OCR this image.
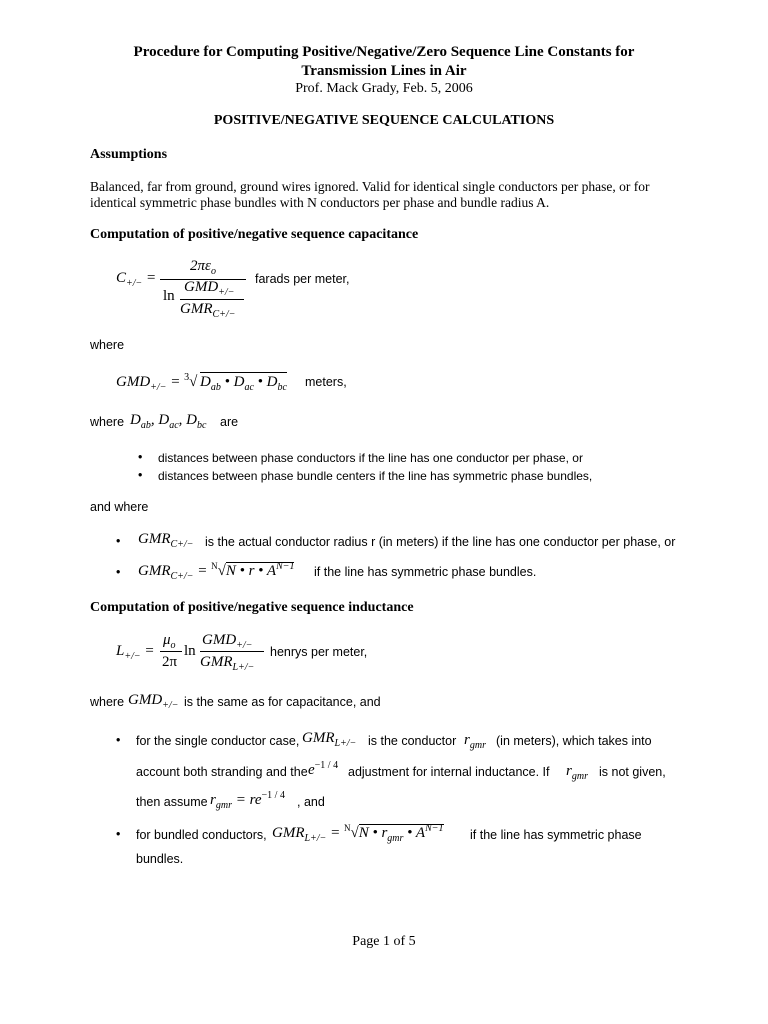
Procedure for Computing Positive/Negative/Zero Sequence Line Constants for
Transmission Lines in Air
Prof. Mack Grady, Feb. 5, 2006
POSITIVE/NEGATIVE SEQUENCE CALCULATIONS
Assumptions
Balanced, far from ground, ground wires ignored. Valid for identical single conductors per phase, or for
identical symmetric phase bundles with N conductors per phase and bundle radius A.
Computation of positive/negative sequence capacitance
$C_{+/-}$ =
$2\pi\varepsilon_o$
ln
$GMD_{+/-}$
$GMR_{C+/-}$
farads per meter,
where
$GMD_{+/-} = ^3√$ $D_{ab}$ • $D_{ac}$ • $D_{bc}$ meters,
where $D_{ab}$, $D_{ac}$, $D_{bc}$ are
• distances between phase conductors if the line has one conductor per phase, or
• distances between phase bundle centers if the line has symmetric phase bundles,
and where
• $GMR_{C+/-}$ is the actual conductor radius r (in meters) if the line has one conductor per phase, or
• $GMR_{C+/-} = ^N√N$ • r • $A^{N-1}$ if the line has symmetric phase bundles.
Computation of positive/negative sequence inductance
$L_{+/-}$ =
$\mu_o$
2π
ln
$GMD_{+/-}$
$GMR_{L+/-}$
henrys per meter,
where $GMD_{+/-}$ is the same as for capacitance, and
• for the single conductor case, $GMR_{L+/-}$ is the conductor $r_{gmr}$ (in meters), which takes into
account both stranding and the $e^{-1 / 4}$ adjustment for internal inductance. If $r_{gmr}$ is not given,
then assume $r_{gmr} = re^{-1 / 4}$ , and
• for bundled conductors, $GMR_{L+/-} = ^N√N$ • $r_{gmr}$ • $A^{N-1}$ if the line has symmetric phase
bundles.
Page 1 of 5
